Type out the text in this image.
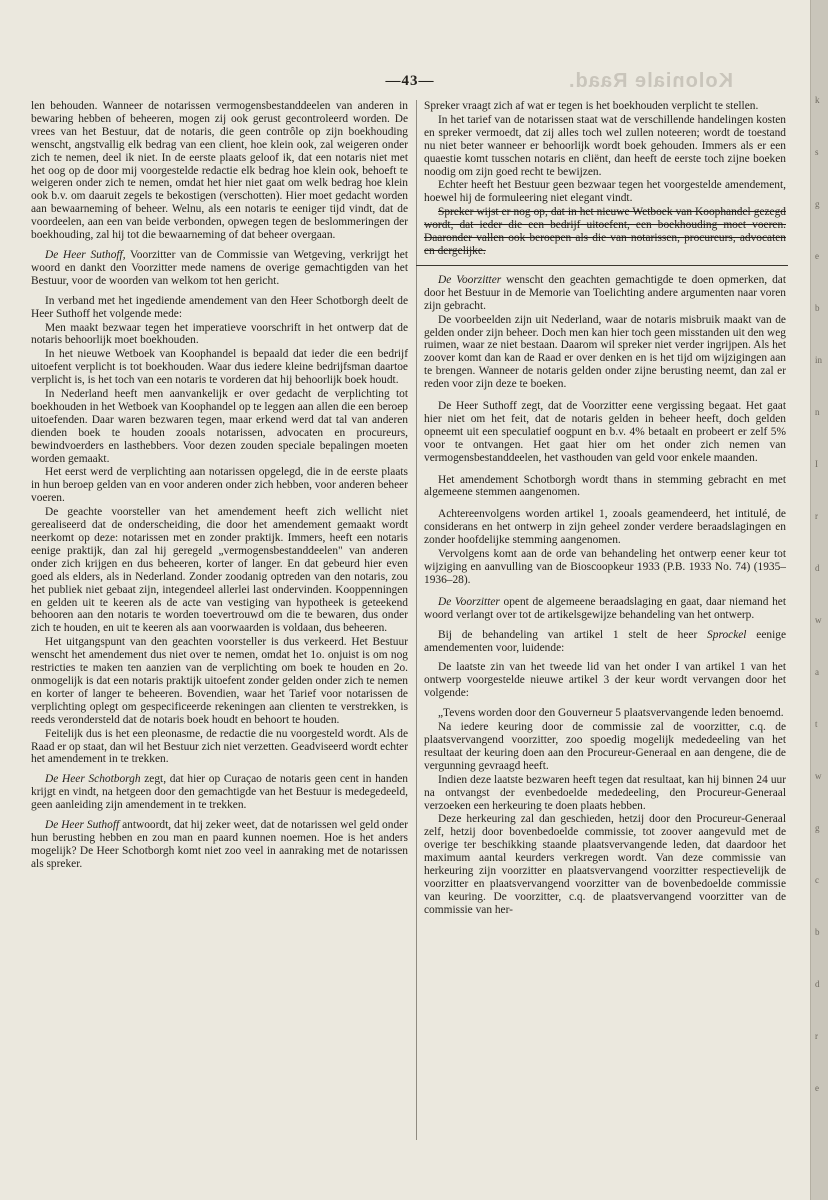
Koloniale Raad.
—43—

len behouden. Wanneer de notarissen vermogensbestanddeelen van anderen in bewaring hebben of beheeren, mogen zij ook gerust gecontroleerd worden. De vrees van het Bestuur, dat de notaris, die geen contrôle op zijn boekhouding wenscht, angstvallig elk bedrag van een client, hoe klein ook, zal weigeren onder zich te nemen, deel ik niet. In de eerste plaats geloof ik, dat een notaris niet met het oog op de door mij voorgestelde redactie elk bedrag hoe klein ook, behoeft te weigeren onder zich te nemen, omdat het hier niet gaat om welk bedrag hoe klein ook b.v. om daaruit zegels te bekostigen (verschotten). Hier moet gedacht worden aan bewaarneming of beheer. Welnu, als een notaris te eeniger tijd vindt, dat de voordeelen, aan een van beide verbonden, opwegen tegen de beslommeringen der boekhouding, zal hij tot die bewaarneming of dat beheer overgaan.

De Heer Suthoff, Voorzitter van de Commissie van Wetgeving, verkrijgt het woord en dankt den Voorzitter mede namens de overige gemachtigden van het Bestuur, voor de woorden van welkom tot hen gericht.

In verband met het ingediende amendement van den Heer Schotborgh deelt de Heer Suthoff het volgende mede:

Men maakt bezwaar tegen het imperatieve voorschrift in het ontwerp dat de notaris behoorlijk moet boekhouden.

In het nieuwe Wetboek van Koophandel is bepaald dat ieder die een bedrijf uitoefent verplicht is tot boekhouden. Waar dus iedere kleine bedrijfsman daartoe verplicht is, is het toch van een notaris te vorderen dat hij behoorlijk boek houdt.

In Nederland heeft men aanvankelijk er over gedacht de verplichting tot boekhouden in het Wetboek van Koophandel op te leggen aan allen die een beroep uitoefenden. Daar waren bezwaren tegen, maar erkend werd dat tal van anderen dienden boek te houden zooals notarissen, advocaten en procureurs, bewindvoerders en lasthebbers. Voor dezen zouden speciale bepalingen moeten worden gemaakt.

Het eerst werd de verplichting aan notarissen opgelegd, die in de eerste plaats in hun beroep gelden van en voor anderen onder zich hebben, voor anderen beheer voeren.

De geachte voorsteller van het amendement heeft zich wellicht niet gerealiseerd dat de onderscheiding, die door het amendement gemaakt wordt neerkomt op deze: notarissen met en zonder praktijk. Immers, heeft een notaris eenige praktijk, dan zal hij geregeld „vermogensbestanddeelen" van anderen onder zich krijgen en dus beheeren, korter of langer. En dat gebeurd hier even goed als elders, als in Nederland. Zonder zoodanig optreden van den notaris, zou het publiek niet gebaat zijn, integendeel allerlei last ondervinden. Kooppenningen en gelden uit te keeren als de acte van vestiging van hypotheek is geteekend behooren aan den notaris te worden toevertrouwd om die te bewaren, dus onder zich te houden, en uit te keeren als aan voorwaarden is voldaan, dus beheeren.

Het uitgangspunt van den geachten voorsteller is dus verkeerd. Het Bestuur wenscht het amendement dus niet over te nemen, omdat het 1o. onjuist is om nog restricties te maken ten aanzien van de verplichting om boek te houden en 2o. onmogelijk is dat een notaris praktijk uitoefent zonder gelden onder zich te nemen en korter of langer te beheeren. Bovendien, waar het Tarief voor notarissen de verplichting oplegt om gespecificeerde rekeningen aan clienten te verstrekken, is reeds verondersteld dat de notaris boek houdt en behoort te houden.

Feitelijk dus is het een pleonasme, de redactie die nu voorgesteld wordt. Als de Raad er op staat, dan wil het Bestuur zich niet verzetten. Geadviseerd wordt echter het amendement in te trekken.

De Heer Schotborgh zegt, dat hier op Curaçao de notaris geen cent in handen krijgt en vindt, na hetgeen door den gemachtigde van het Bestuur is medegedeeld, geen aanleiding zijn amendement in te trekken.

De Heer Suthoff antwoordt, dat hij zeker weet, dat de notarissen wel geld onder hun berusting hebben en zou man en paard kunnen noemen. Hoe is het anders mogelijk? De Heer Schotborgh komt niet zoo veel in aanraking met de notarissen als spreker.

Spreker vraagt zich af wat er tegen is het boekhouden verplicht te stellen.

In het tarief van de notarissen staat wat de verschillende handelingen kosten en spreker vermoedt, dat zij alles toch wel zullen noteeren; wordt de toestand nu niet beter wanneer er behoorlijk wordt boek gehouden. Immers als er een quaestie komt tusschen notaris en cliënt, dan heeft de eerste toch zijne boeken noodig om zijn goed recht te bewijzen.

Echter heeft het Bestuur geen bezwaar tegen het voorgestelde amendement, hoewel hij de formuleering niet elegant vindt.

Spreker wijst er nog op, dat in het nieuwe Wetboek van Koophandel gezegd wordt, dat ieder die een bedrijf uitoefent, een boekhouding moet voeren. Daaronder vallen ook beroepen als die van notarissen, procureurs, advocaten en dergelijke.

De Voorzitter wenscht den geachten gemachtigde te doen opmerken, dat door het Bestuur in de Memorie van Toelichting andere argumenten naar voren zijn gebracht.

De voorbeelden zijn uit Nederland, waar de notaris misbruik maakt van de gelden onder zijn beheer. Doch men kan hier toch geen misstanden uit den weg ruimen, waar ze niet bestaan. Daarom wil spreker niet verder ingrijpen. Als het zoover komt dan kan de Raad er over denken en is het tijd om wijzigingen aan te brengen. Wanneer de notaris gelden onder zijne berusting neemt, dan zal er reden voor zijn deze te boeken.

De Heer Suthoff zegt, dat de Voorzitter eene vergissing begaat. Het gaat hier niet om het feit, dat de notaris gelden in beheer heeft, doch gelden opneemt uit een speculatief oogpunt en b.v. 4% betaalt en probeert er zelf 5% voor te ontvangen. Het gaat hier om het onder zich nemen van vermogensbestanddeelen, het vasthouden van geld voor enkele maanden.

Het amendement Schotborgh wordt thans in stemming gebracht en met algemeene stemmen aangenomen.

Achtereenvolgens worden artikel 1, zooals geamendeerd, het intitulé, de considerans en het ontwerp in zijn geheel zonder verdere beraadslagingen en zonder hoofdelijke stemming aangenomen.

Vervolgens komt aan de orde van behandeling het ontwerp eener keur tot wijziging en aanvulling van de Bioscoopkeur 1933 (P.B. 1933 No. 74) (1935–1936–28).

De Voorzitter opent de algemeene beraadslaging en gaat, daar niemand het woord verlangt over tot de artikelsgewijze behandeling van het ontwerp.

Bij de behandeling van artikel 1 stelt de heer Sprockel eenige amendementen voor, luidende:

De laatste zin van het tweede lid van het onder I van artikel 1 van het ontwerp voorgestelde nieuwe artikel 3 der keur wordt vervangen door het volgende:

„Tevens worden door den Gouverneur 5 plaatsvervangende leden benoemd.

Na iedere keuring door de commissie zal de voorzitter, c.q. de plaatsvervangend voorzitter, zoo spoedig mogelijk mededeeling van het resultaat der keuring doen aan den Procureur-Generaal en aan dengene, die de vergunning gevraagd heeft.

Indien deze laatste bezwaren heeft tegen dat resultaat, kan hij binnen 24 uur na ontvangst der evenbedoelde mededeeling, den Procureur-Generaal verzoeken een herkeuring te doen plaats hebben.

Deze herkeuring zal dan geschieden, hetzij door den Procureur-Generaal zelf, hetzij door bovenbedoelde commissie, tot zoover aangevuld met de overige ter beschikking staande plaatsvervangende leden, dat daardoor het maximum aantal keurders verkregen wordt. Van deze commissie van herkeuring zijn voorzitter en plaatsvervangend voorzitter respectievelijk de voorzitter en plaatsvervangend voorzitter van de bovenbedoelde commissie van keuring. De voorzitter, c.q. de plaatsvervangend voorzitter van de commissie van her-

k
s
g
e
b
in
n
I
r
d
w
a
t
w
g
c
b
d
r
e
